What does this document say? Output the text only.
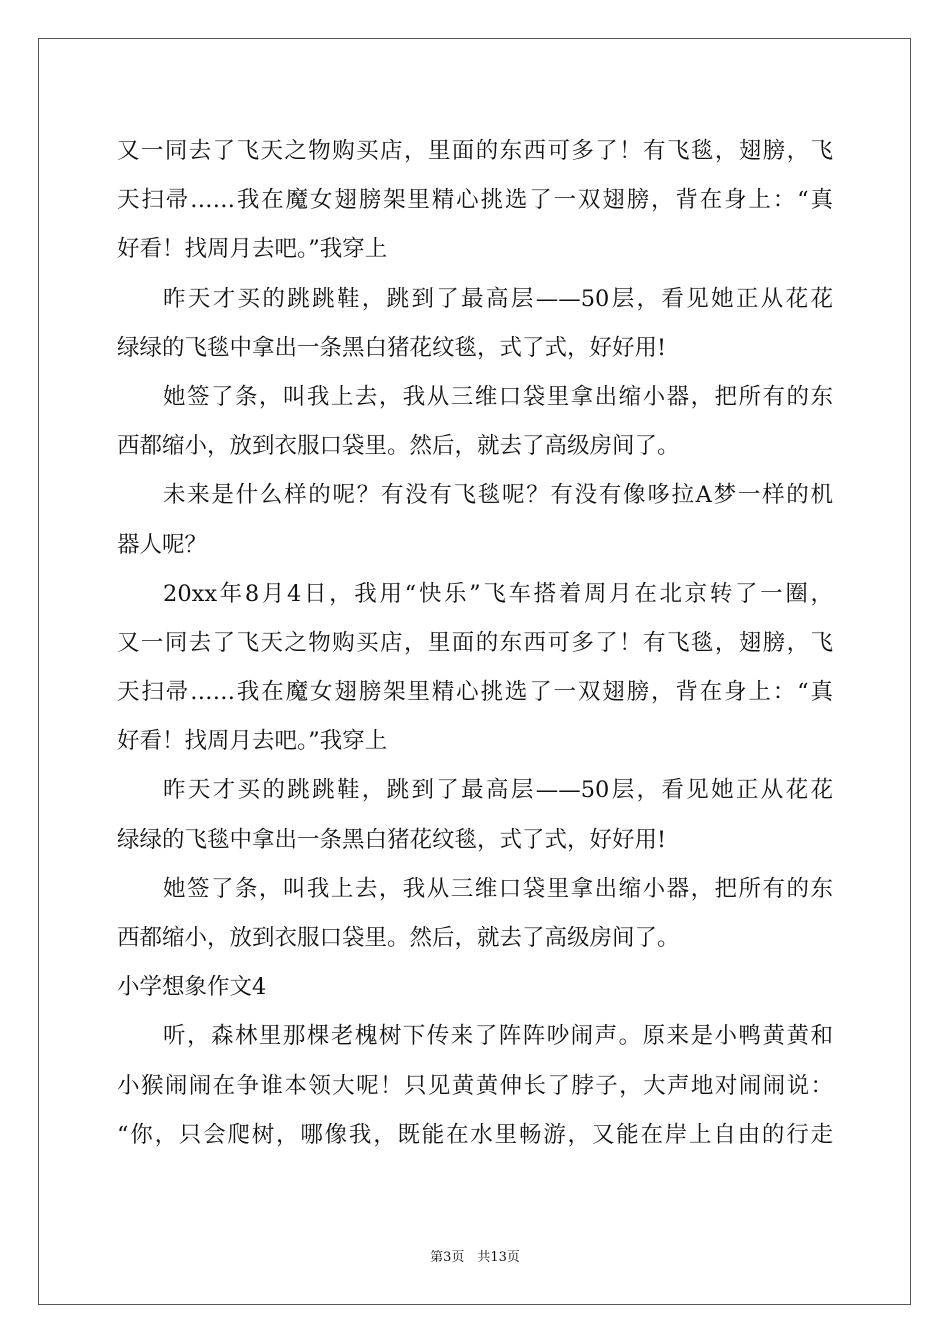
又一同去了飞天之物购买店，里面的东西可多了！有飞毯，翅膀，飞
天扫帚……我在魔女翅膀架里精心挑选了一双翅膀，背在身上：“真
好看！找周月去吧。”我穿上
昨天才买的跳跳鞋，跳到了最高层——50层，看见她正从花花
绿绿的飞毯中拿出一条黑白猪花纹毯，式了式，好好用!
她签了条，叫我上去，我从三维口袋里拿出缩小器，把所有的东
西都缩小，放到衣服口袋里。然后，就去了高级房间了。
未来是什么样的呢？有没有飞毯呢？有没有像哆拉A梦一样的机
器人呢？
20xx年8月4日，我用“快乐”飞车搭着周月在北京转了一圈，
又一同去了飞天之物购买店，里面的东西可多了！有飞毯，翅膀，飞
天扫帚……我在魔女翅膀架里精心挑选了一双翅膀，背在身上：“真
好看！找周月去吧。”我穿上
昨天才买的跳跳鞋，跳到了最高层——50层，看见她正从花花
绿绿的飞毯中拿出一条黑白猪花纹毯，式了式，好好用!
她签了条，叫我上去，我从三维口袋里拿出缩小器，把所有的东
西都缩小，放到衣服口袋里。然后，就去了高级房间了。
小学想象作文4
听，森林里那棵老槐树下传来了阵阵吵闹声。原来是小鸭黄黄和
小猴闹闹在争谁本领大呢！只见黄黄伸长了脖子，大声地对闹闹说：
“你，只会爬树，哪像我，既能在水里畅游，又能在岸上自由的行走
第3页　共13页
